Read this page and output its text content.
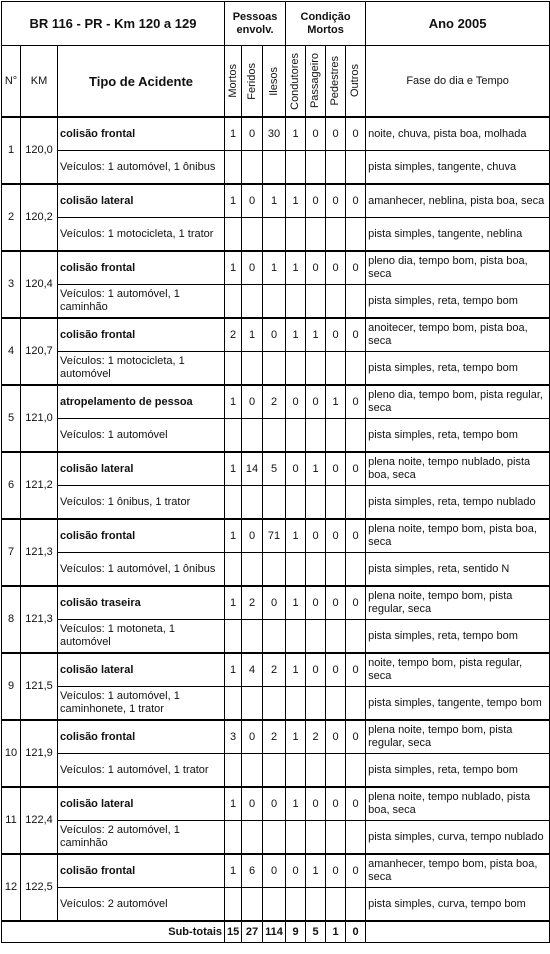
BR 116 - PR - Km 120 a 129			Pessoas envolv.			Condição Mortos				Ano 2005
N°	KM	Tipo de Acidente	Mortos	Feridos	Ilesos	Condutores	Passageiro	Pedestres	Outros	Fase do dia e Tempo
1	120,0	colisão frontal	1	0	30	1	0	0	0	noite, chuva, pista boa, molhada
		Veículos: 1 automóvel, 1 ônibus								pista simples, tangente, chuva
2	120,2	colisão lateral	1	0	1	1	0	0	0	amanhecer, neblina, pista boa, seca
		Veículos: 1 motocicleta, 1 trator								pista simples, tangente, neblina
3	120,4	colisão frontal	1	0	1	1	0	0	0	pleno dia, tempo bom, pista boa, seca
		Veículos: 1 automóvel, 1 caminhão								pista simples, reta, tempo bom
4	120,7	colisão frontal	2	1	0	1	1	0	0	anoitecer, tempo bom, pista boa, seca
		Veículos: 1 motocicleta, 1 automóvel								pista simples, reta, tempo bom
5	121,0	atropelamento de pessoa	1	0	2	0	0	1	0	pleno dia, tempo bom, pista regular, seca
		Veículos: 1 automóvel								pista simples, reta, tempo bom
6	121,2	colisão lateral	1	14	5	0	1	0	0	plena noite, tempo nublado, pista boa, seca
		Veículos: 1 ônibus, 1 trator								pista simples, reta, tempo nublado
7	121,3	colisão frontal	1	0	71	1	0	0	0	plena noite, tempo bom, pista boa, seca
		Veículos: 1 automóvel, 1 ônibus								pista simples, reta, sentido N
8	121,3	colisão traseira	1	2	0	1	0	0	0	plena noite, tempo bom, pista regular, seca
		Veículos: 1 motoneta, 1 automóvel								pista simples, reta, tempo bom
9	121,5	colisão lateral	1	4	2	1	0	0	0	noite, tempo bom, pista regular, seca
		Veículos: 1 automóvel, 1 caminhonete, 1 trator								pista simples, tangente, tempo bom
10	121,9	colisão frontal	3	0	2	1	2	0	0	plena noite, tempo bom, pista regular, seca
		Veículos: 1 automóvel, 1 trator								pista simples, reta, tempo bom
11	122,4	colisão lateral	1	0	0	1	0	0	0	plena noite, tempo nublado, pista boa, seca
		Veículos: 2 automóvel, 1 caminhão								pista simples, curva, tempo nublado
12	122,5	colisão frontal	1	6	0	0	1	0	0	amanhecer, tempo bom, pista boa, seca
		Veículos: 2 automóvel								pista simples, curva, tempo bom
Sub-totais			15	27	114	9	5	1	0	
